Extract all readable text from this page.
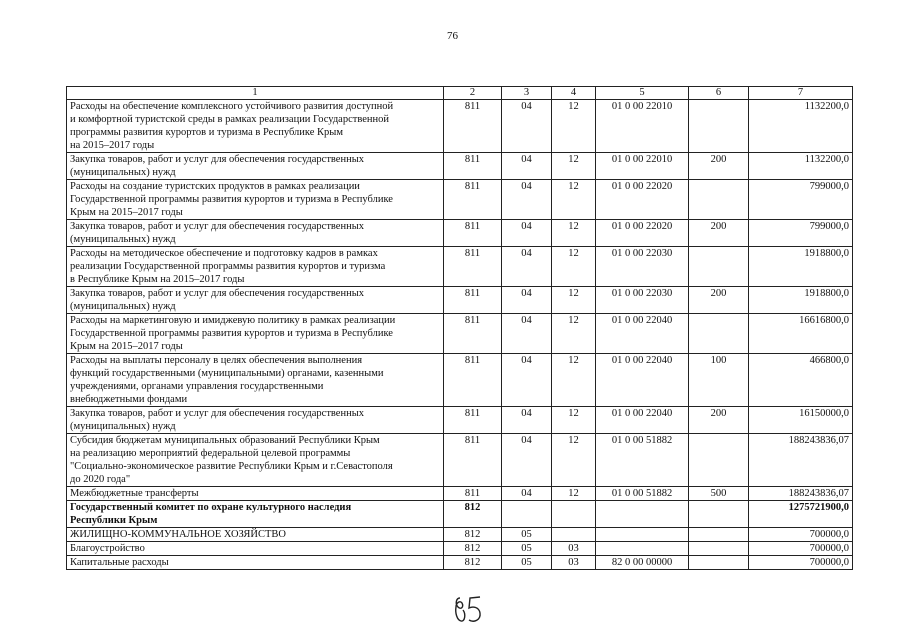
76
1	2	3	4	5	6	7
Расходы на обеспечение комплексного устойчивого развития доступной
и комфортной туристской среды в рамках реализации Государственной
программы развития курортов и туризма в Республике Крым
на 2015–2017 годы	811	04	12	01 0 00 22010		1132200,0
Закупка товаров, работ и услуг для обеспечения государственных
(муниципальных) нужд	811	04	12	01 0 00 22010	200	1132200,0
Расходы на создание туристских продуктов в рамках реализации
Государственной программы развития курортов и туризма в Республике
Крым на 2015–2017 годы	811	04	12	01 0 00 22020		799000,0
Закупка товаров, работ и услуг для обеспечения государственных
(муниципальных) нужд	811	04	12	01 0 00 22020	200	799000,0
Расходы на методическое обеспечение и подготовку кадров в рамках
реализации Государственной программы развития курортов и туризма
в Республике Крым на 2015–2017 годы	811	04	12	01 0 00 22030		1918800,0
Закупка товаров, работ и услуг для обеспечения государственных
(муниципальных) нужд	811	04	12	01 0 00 22030	200	1918800,0
Расходы на маркетинговую и имиджевую политику в рамках реализации
Государственной программы развития курортов и туризма в Республике
Крым на 2015–2017 годы	811	04	12	01 0 00 22040		16616800,0
Расходы на выплаты персоналу в целях обеспечения выполнения
функций государственными (муниципальными) органами, казенными
учреждениями, органами управления государственными
внебюджетными фондами	811	04	12	01 0 00 22040	100	466800,0
Закупка товаров, работ и услуг для обеспечения государственных
(муниципальных) нужд	811	04	12	01 0 00 22040	200	16150000,0
Субсидия бюджетам муниципальных образований Республики Крым
на реализацию мероприятий федеральной целевой программы
"Социально-экономическое развитие Республики Крым и г.Севастополя
до 2020 года"	811	04	12	01 0 00 51882		188243836,07
Межбюджетные трансферты	811	04	12	01 0 00 51882	500	188243836,07
Государственный комитет по охране культурного наследия
Республики Крым	812					1275721900,0
ЖИЛИЩНО-КОММУНАЛЬНОЕ ХОЗЯЙСТВО	812	05				700000,0
Благоустройство	812	05	03			700000,0
Капитальные расходы	812	05	03	82 0 00 00000		700000,0
